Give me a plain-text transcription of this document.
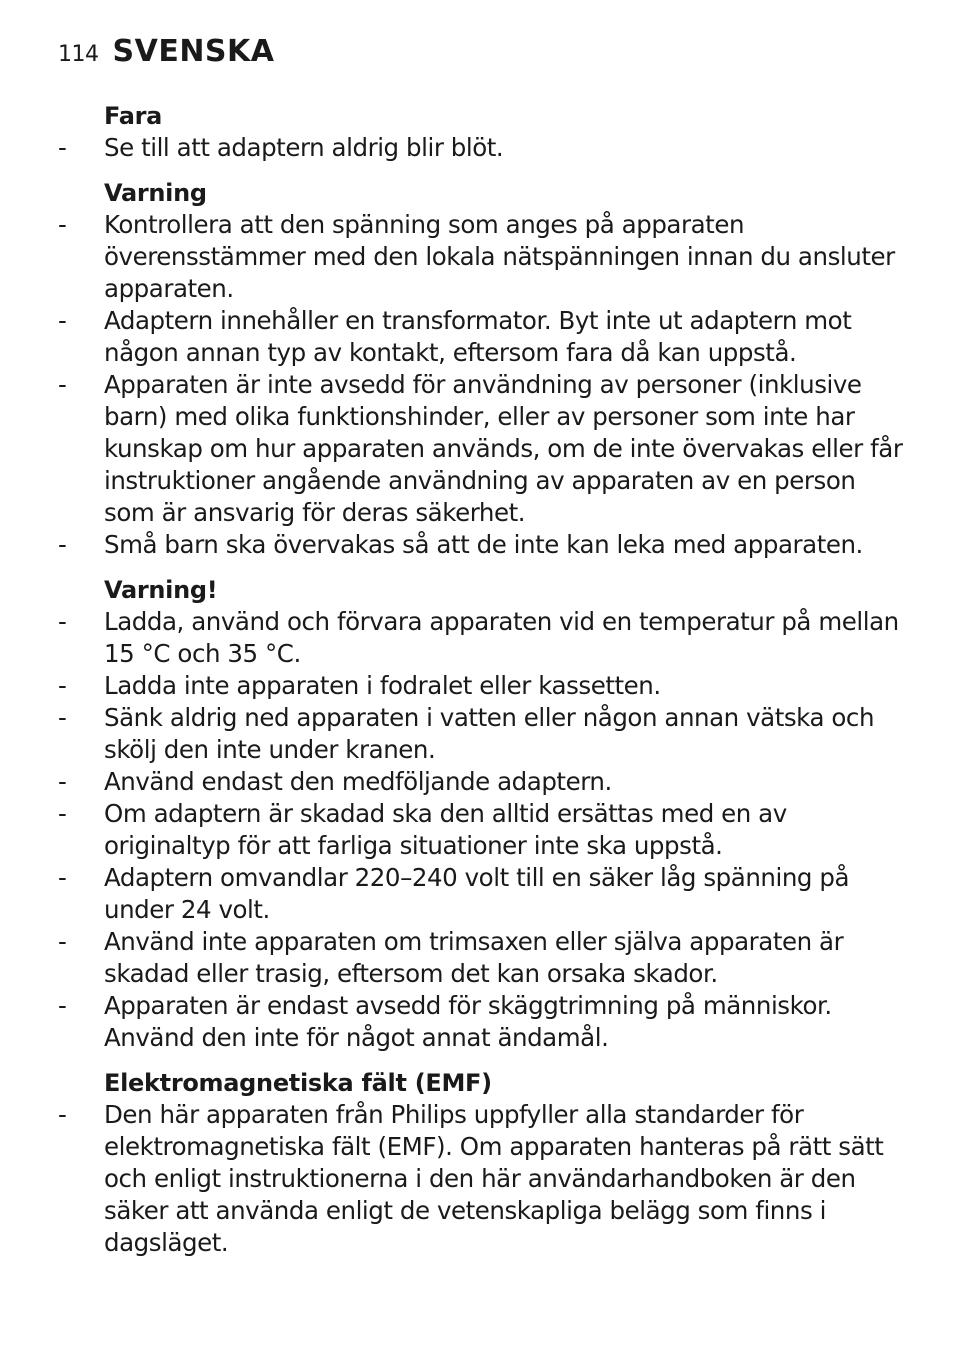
114 SVENSKA
Fara
-	Se till att adaptern aldrig blir blöt.
Varning
-	Kontrollera att den spänning som anges på apparaten överensstämmer med den lokala nätspänningen innan du ansluter apparaten.
-	Adaptern innehåller en transformator. Byt inte ut adaptern mot någon annan typ av kontakt, eftersom fara då kan uppstå.
-	Apparaten är inte avsedd för användning av personer (inklusive barn) med olika funktionshinder, eller av personer som inte har kunskap om hur apparaten används, om de inte övervakas eller får instruktioner angående användning av apparaten av en person som är ansvarig för deras säkerhet.
-	Små barn ska övervakas så att de inte kan leka med apparaten.
Varning!
-	Ladda, använd och förvara apparaten vid en temperatur på mellan 15 °C och 35 °C.
-	Ladda inte apparaten i fodralet eller kassetten.
-	Sänk aldrig ned apparaten i vatten eller någon annan vätska och skölj den inte under kranen.
-	Använd endast den medföljande adaptern.
-	Om adaptern är skadad ska den alltid ersättas med en av originaltyp för att farliga situationer inte ska uppstå.
-	Adaptern omvandlar 220–240 volt till en säker låg spänning på under 24 volt.
-	Använd inte apparaten om trimsaxen eller själva apparaten är skadad eller trasig, eftersom det kan orsaka skador.
-	Apparaten är endast avsedd för skäggtrimning på människor. Använd den inte för något annat ändamål.
Elektromagnetiska fält (EMF)
-	Den här apparaten från Philips uppfyller alla standarder för elektromagnetiska fält (EMF). Om apparaten hanteras på rätt sätt och enligt instruktionerna i den här användarhandboken är den säker att använda enligt de vetenskapliga belägg som finns i dagsläget.
